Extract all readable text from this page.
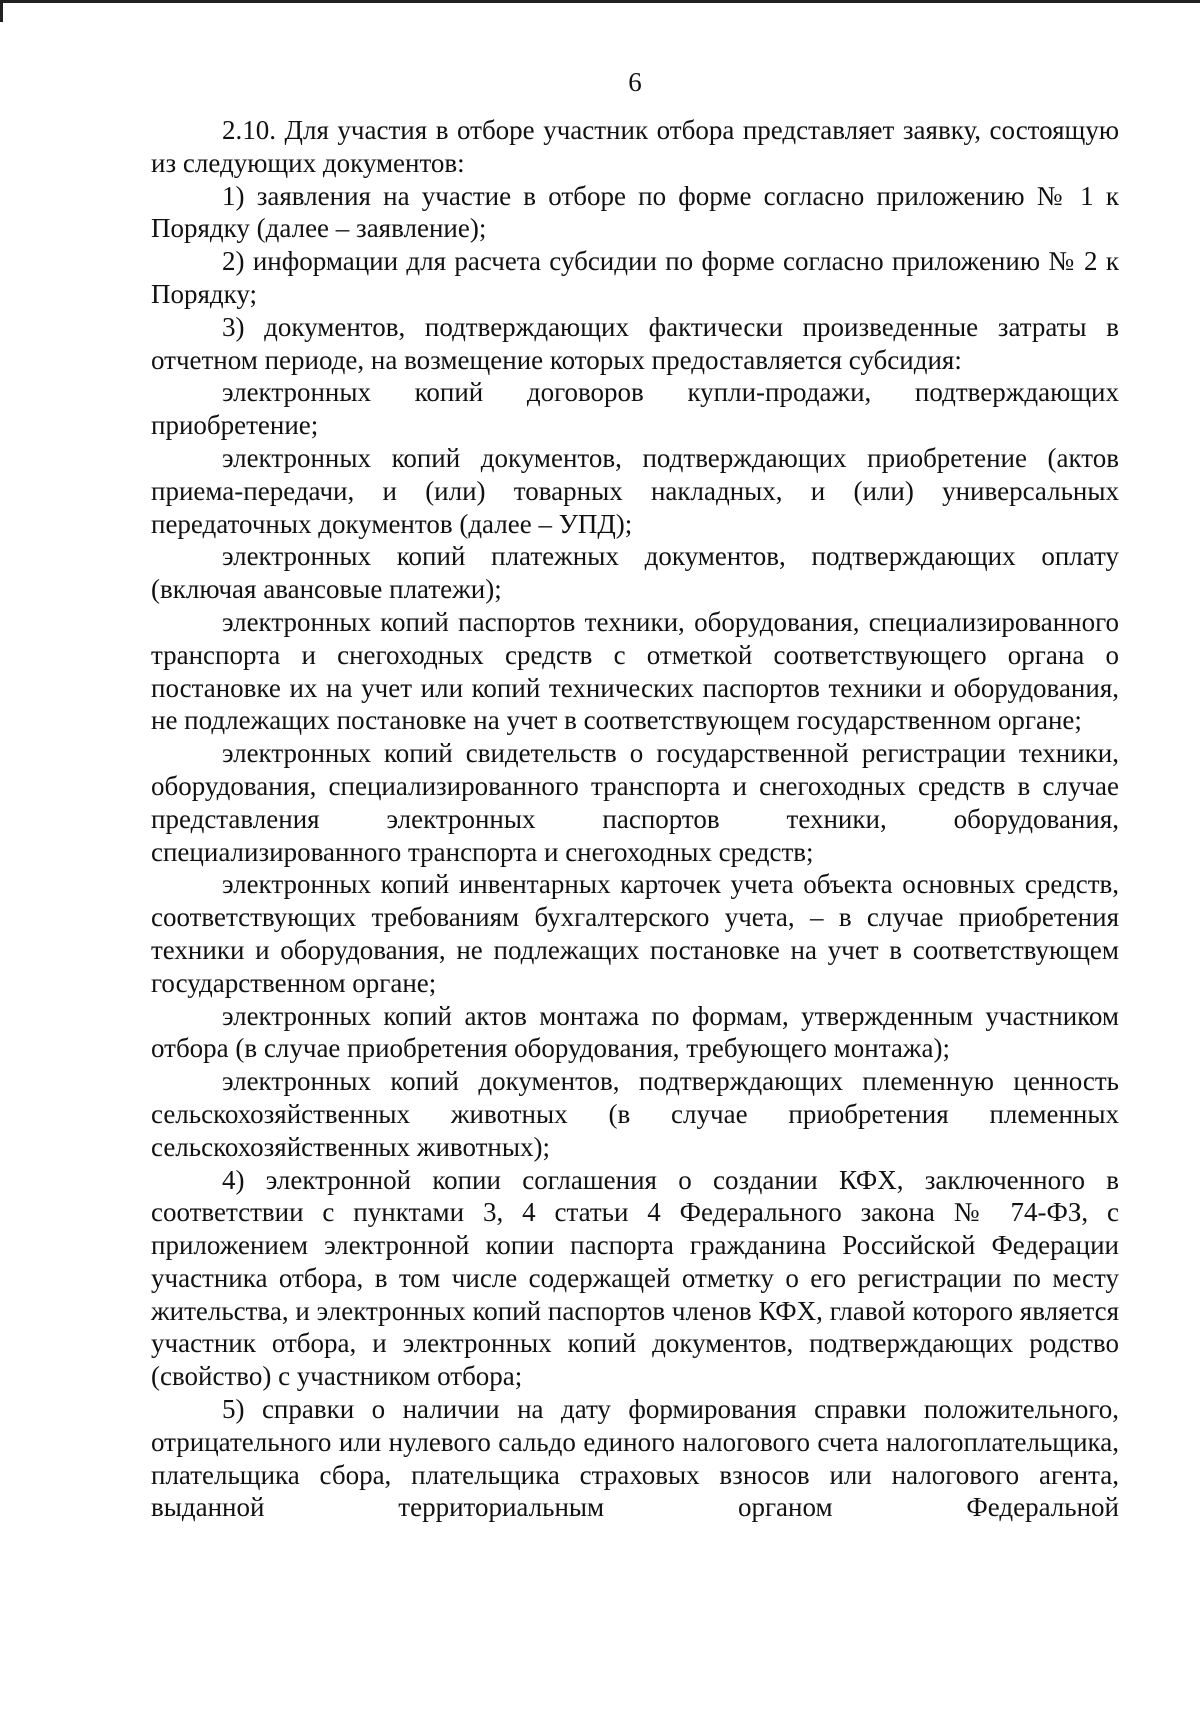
6

2.10. Для участия в отборе участник отбора представляет заявку, состоящую из следующих документов:

1) заявления на участие в отборе по форме согласно приложению № 1 к Порядку (далее – заявление);

2) информации для расчета субсидии по форме согласно приложению № 2 к Порядку;

3) документов, подтверждающих фактически произведенные затраты в отчетном периоде, на возмещение которых предоставляется субсидия:

электронных копий договоров купли-продажи, подтверждающих приобретение;

электронных копий документов, подтверждающих приобретение (актов приема-передачи, и (или) товарных накладных, и (или) универсальных передаточных документов (далее – УПД);

электронных копий платежных документов, подтверждающих оплату (включая авансовые платежи);

электронных копий паспортов техники, оборудования, специализированного транспорта и снегоходных средств с отметкой соответствующего органа о постановке их на учет или копий технических паспортов техники и оборудования, не подлежащих постановке на учет в соответствующем государственном органе;

электронных копий свидетельств о государственной регистрации техники, оборудования, специализированного транспорта и снегоходных средств в случае представления электронных паспортов техники, оборудования, специализированного транспорта и снегоходных средств;

электронных копий инвентарных карточек учета объекта основных средств, соответствующих требованиям бухгалтерского учета, – в случае приобретения техники и оборудования, не подлежащих постановке на учет в соответствующем государственном органе;

электронных копий актов монтажа по формам, утвержденным участником отбора (в случае приобретения оборудования, требующего монтажа);

электронных копий документов, подтверждающих племенную ценность сельскохозяйственных животных (в случае приобретения племенных сельскохозяйственных животных);

4) электронной копии соглашения о создании КФХ, заключенного в соответствии с пунктами 3, 4 статьи 4 Федерального закона № 74-ФЗ, с приложением электронной копии паспорта гражданина Российской Федерации участника отбора, в том числе содержащей отметку о его регистрации по месту жительства, и электронных копий паспортов членов КФХ, главой которого является участник отбора, и электронных копий документов, подтверждающих родство (свойство) с участником отбора;

5) справки о наличии на дату формирования справки положительного, отрицательного или нулевого сальдо единого налогового счета налогоплательщика, плательщика сбора, плательщика страховых взносов или налогового агента, выданной территориальным органом Федеральной
